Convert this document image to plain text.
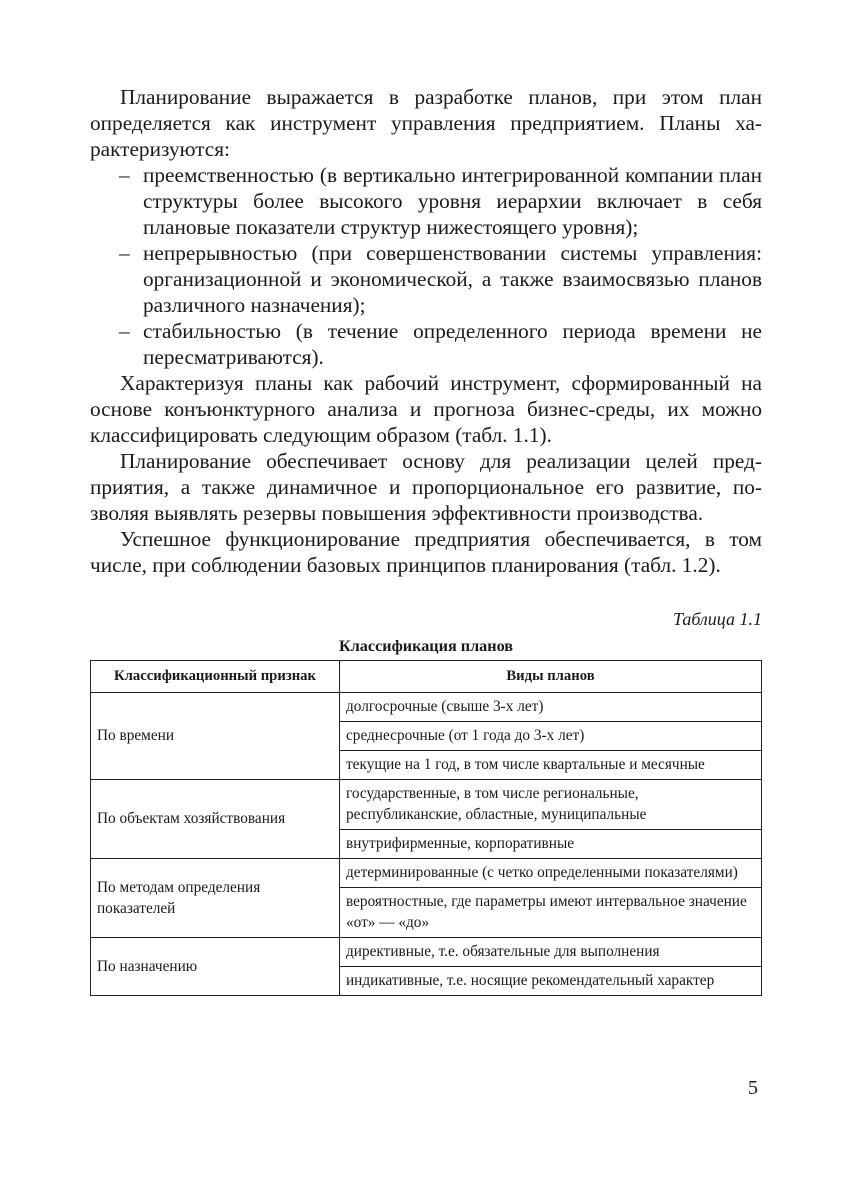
Планирование выражается в разработке планов, при этом план определяется как инструмент управления предприятием. Планы характеризуются:

– преемственностью (в вертикально интегрированной компании план структуры более высокого уровня иерархии включает в себя плановые показатели структур нижестоящего уровня);
– непрерывностью (при совершенствовании системы управления: организационной и экономической, а также взаимосвязью планов различного назначения);
– стабильностью (в течение определенного периода времени не пересматриваются).

Характеризуя планы как рабочий инструмент, сформированный на основе конъюнктурного анализа и прогноза бизнес-среды, их можно классифицировать следующим образом (табл. 1.1).

Планирование обеспечивает основу для реализации целей предприятия, а также динамичное и пропорциональное его развитие, позволяя выявлять резервы повышения эффективности производства.

Успешное функционирование предприятия обеспечивается, в том числе, при соблюдении базовых принципов планирования (табл. 1.2).

Таблица 1.1
Классификация планов
Классификационный признак	Виды планов
По времени	долгосрочные (свыше 3-х лет)
	среднесрочные (от 1 года до 3-х лет)
	текущие на 1 год, в том числе квартальные и месячные
По объектам хозяйствования	государственные, в том числе региональные, республиканские, областные, муниципальные
	внутрифирменные, корпоративные
По методам определения показателей	детерминированные (с четко определенными показателями)
	вероятностные, где параметры имеют интервальное значение «от» — «до»
По назначению	директивные, т.е. обязательные для выполнения
	индикативные, т.е. носящие рекомендательный характер
5
